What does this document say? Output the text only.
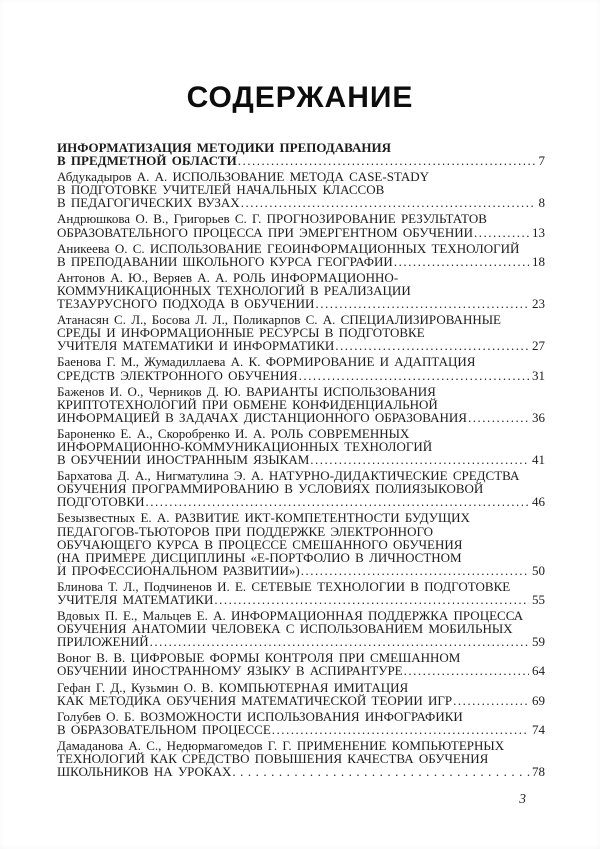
СОДЕРЖАНИЕ
ИНФОРМАТИЗАЦИЯ МЕТОДИКИ ПРЕПОДАВАНИЯ
В ПРЕДМЕТНОЙ ОБЛАСТИ .....	7
Абдукадыров А. А. ИСПОЛЬЗОВАНИЕ МЕТОДА CASE-STADY
В ПОДГОТОВКЕ УЧИТЕЛЕЙ НАЧАЛЬНЫХ КЛАССОВ
В ПЕДАГОГИЧЕСКИХ ВУЗАХ .....	8
Андрюшкова О. В., Григорьев С. Г. ПРОГНОЗИРОВАНИЕ РЕЗУЛЬТАТОВ
ОБРАЗОВАТЕЛЬНОГО ПРОЦЕССА ПРИ ЭМЕРГЕНТНОМ ОБУЧЕНИИ .....	13
Аникеева О. С. ИСПОЛЬЗОВАНИЕ ГЕОИНФОРМАЦИОННЫХ ТЕХНОЛОГИЙ
В ПРЕПОДАВАНИИ ШКОЛЬНОГО КУРСА ГЕОГРАФИИ .....	18
Антонов А. Ю., Веряев А. А. РОЛЬ ИНФОРМАЦИОННО-
КОММУНИКАЦИОННЫХ ТЕХНОЛОГИЙ В РЕАЛИЗАЦИИ
ТЕЗАУРУСНОГО ПОДХОДА В ОБУЧЕНИИ .....	23
Атанасян С. Л., Босова Л. Л., Поликарпов С. А. СПЕЦИАЛИЗИРОВАННЫЕ
СРЕДЫ И ИНФОРМАЦИОННЫЕ РЕСУРСЫ В ПОДГОТОВКЕ
УЧИТЕЛЯ МАТЕМАТИКИ И ИНФОРМАТИКИ .....	27
Баенова Г. М., Жумадиллаева А. К. ФОРМИРОВАНИЕ И АДАПТАЦИЯ
СРЕДСТВ ЭЛЕКТРОННОГО ОБУЧЕНИЯ .....	31
Баженов И. О., Черников Д. Ю. ВАРИАНТЫ ИСПОЛЬЗОВАНИЯ
КРИПТОТЕХНОЛОГИЙ ПРИ ОБМЕНЕ КОНФИДЕНЦИАЛЬНОЙ
ИНФОРМАЦИЕЙ В ЗАДАЧАХ ДИСТАНЦИОННОГО ОБРАЗОВАНИЯ .....	36
Бароненко Е. А., Скоробренко И. А. РОЛЬ СОВРЕМЕННЫХ
ИНФОРМАЦИОННО-КОММУНИКАЦИОННЫХ ТЕХНОЛОГИЙ
В ОБУЧЕНИИ ИНОСТРАННЫМ ЯЗЫКАМ .....	41
Бархатова Д. А., Нигматулина Э. А. НАТУРНО-ДИДАКТИЧЕСКИЕ СРЕДСТВА
ОБУЧЕНИЯ ПРОГРАММИРОВАНИЮ В УСЛОВИЯХ ПОЛИЯЗЫКОВОЙ
ПОДГОТОВКИ .....	46
Безызвестных Е. А. РАЗВИТИЕ ИКТ-КОМПЕТЕНТНОСТИ БУДУЩИХ
ПЕДАГОГОВ-ТЬЮТОРОВ ПРИ ПОДДЕРЖКЕ ЭЛЕКТРОННОГО
ОБУЧАЮЩЕГО КУРСА В ПРОЦЕССЕ СМЕШАННОГО ОБУЧЕНИЯ
(НА ПРИМЕРЕ ДИСЦИПЛИНЫ «Е-ПОРТФОЛИО В ЛИЧНОСТНОМ
И ПРОФЕССИОНАЛЬНОМ РАЗВИТИИ») .....	50
Блинова Т. Л., Подчиненов И. Е. СЕТЕВЫЕ ТЕХНОЛОГИИ В ПОДГОТОВКЕ
УЧИТЕЛЯ МАТЕМАТИКИ .....	55
Вдовых П. Е., Мальцев Е. А. ИНФОРМАЦИОННАЯ ПОДДЕРЖКА ПРОЦЕССА
ОБУЧЕНИЯ АНАТОМИИ ЧЕЛОВЕКА С ИСПОЛЬЗОВАНИЕМ МОБИЛЬНЫХ
ПРИЛОЖЕНИЙ .....	59
Воног В. В. ЦИФРОВЫЕ ФОРМЫ КОНТРОЛЯ ПРИ СМЕШАННОМ
ОБУЧЕНИИ ИНОСТРАННОМУ ЯЗЫКУ В АСПИРАНТУРЕ .....	64
Гефан Г. Д., Кузьмин О. В. КОМПЬЮТЕРНАЯ ИМИТАЦИЯ
КАК МЕТОДИКА ОБУЧЕНИЯ МАТЕМАТИЧЕСКОЙ ТЕОРИИ ИГР .....	69
Голубев О. Б. ВОЗМОЖНОСТИ ИСПОЛЬЗОВАНИЯ ИНФОГРАФИКИ
В ОБРАЗОВАТЕЛЬНОМ ПРОЦЕССЕ .....	74
Дамаданова А. С., Недюрмагомедов Г. Г. ПРИМЕНЕНИЕ КОМПЬЮТЕРНЫХ
ТЕХНОЛОГИЙ КАК СРЕДСТВО ПОВЫШЕНИЯ КАЧЕСТВА ОБУЧЕНИЯ
ШКОЛЬНИКОВ НА УРОКАХ .....	78
3
